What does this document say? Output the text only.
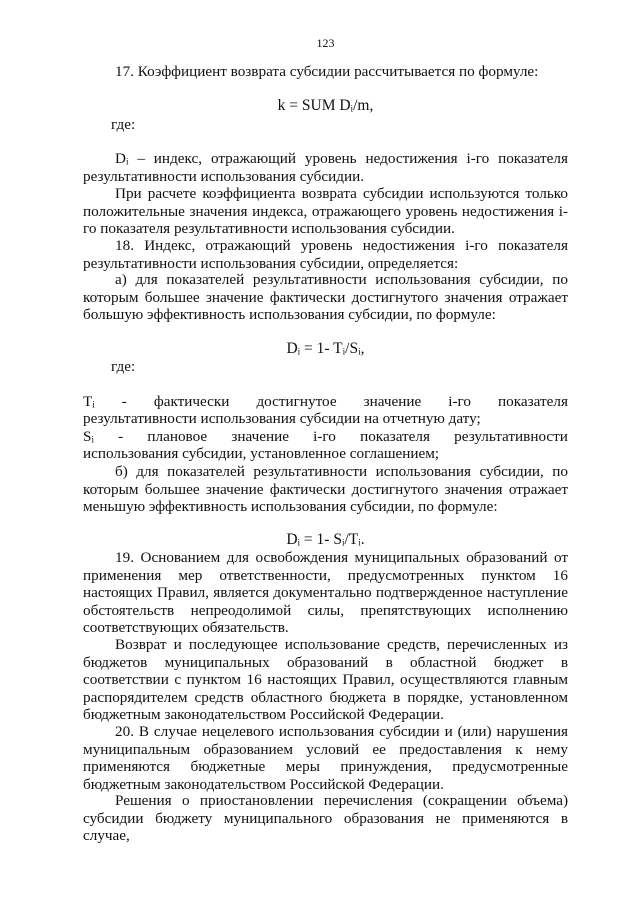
123

17. Коэффициент возврата субсидии рассчитывается по формуле:

k = SUM Dᵢ/m,

где:

Dᵢ – индекс, отражающий уровень недостижения i-го показателя результативности использования субсидии.

При расчете коэффициента возврата субсидии используются только положительные значения индекса, отражающего уровень недостижения i-го показателя результативности использования субсидии.

18. Индекс, отражающий уровень недостижения i-го показателя результативности использования субсидии, определяется:

а) для показателей результативности использования субсидии, по которым большее значение фактически достигнутого значения отражает большую эффективность использования субсидии, по формуле:

Dᵢ = 1- Tᵢ/Sᵢ,

где:

Tᵢ - фактически достигнутое значение i-го показателя

результативности использования субсидии на отчетную дату;

Sᵢ - плановое значение i-го показателя результативности

использования субсидии, установленное соглашением;

б) для показателей результативности использования субсидии, по которым большее значение фактически достигнутого значения отражает меньшую эффективность использования субсидии, по формуле:

Dᵢ = 1- Sᵢ/Tᵢ.

19. Основанием для освобождения муниципальных образований от применения мер ответственности, предусмотренных пунктом 16 настоящих Правил, является документально подтвержденное наступление обстоятельств непреодолимой силы, препятствующих исполнению соответствующих обязательств.

Возврат и последующее использование средств, перечисленных из бюджетов муниципальных образований в областной бюджет в соответствии с пунктом 16 настоящих Правил, осуществляются главным распорядителем средств областного бюджета в порядке, установленном бюджетным законодательством Российской Федерации.

20. В случае нецелевого использования субсидии и (или) нарушения муниципальным образованием условий ее предоставления к нему применяются бюджетные меры принуждения, предусмотренные бюджетным законодательством Российской Федерации.

Решения о приостановлении перечисления (сокращении объема) субсидии бюджету муниципального образования не применяются в случае,
